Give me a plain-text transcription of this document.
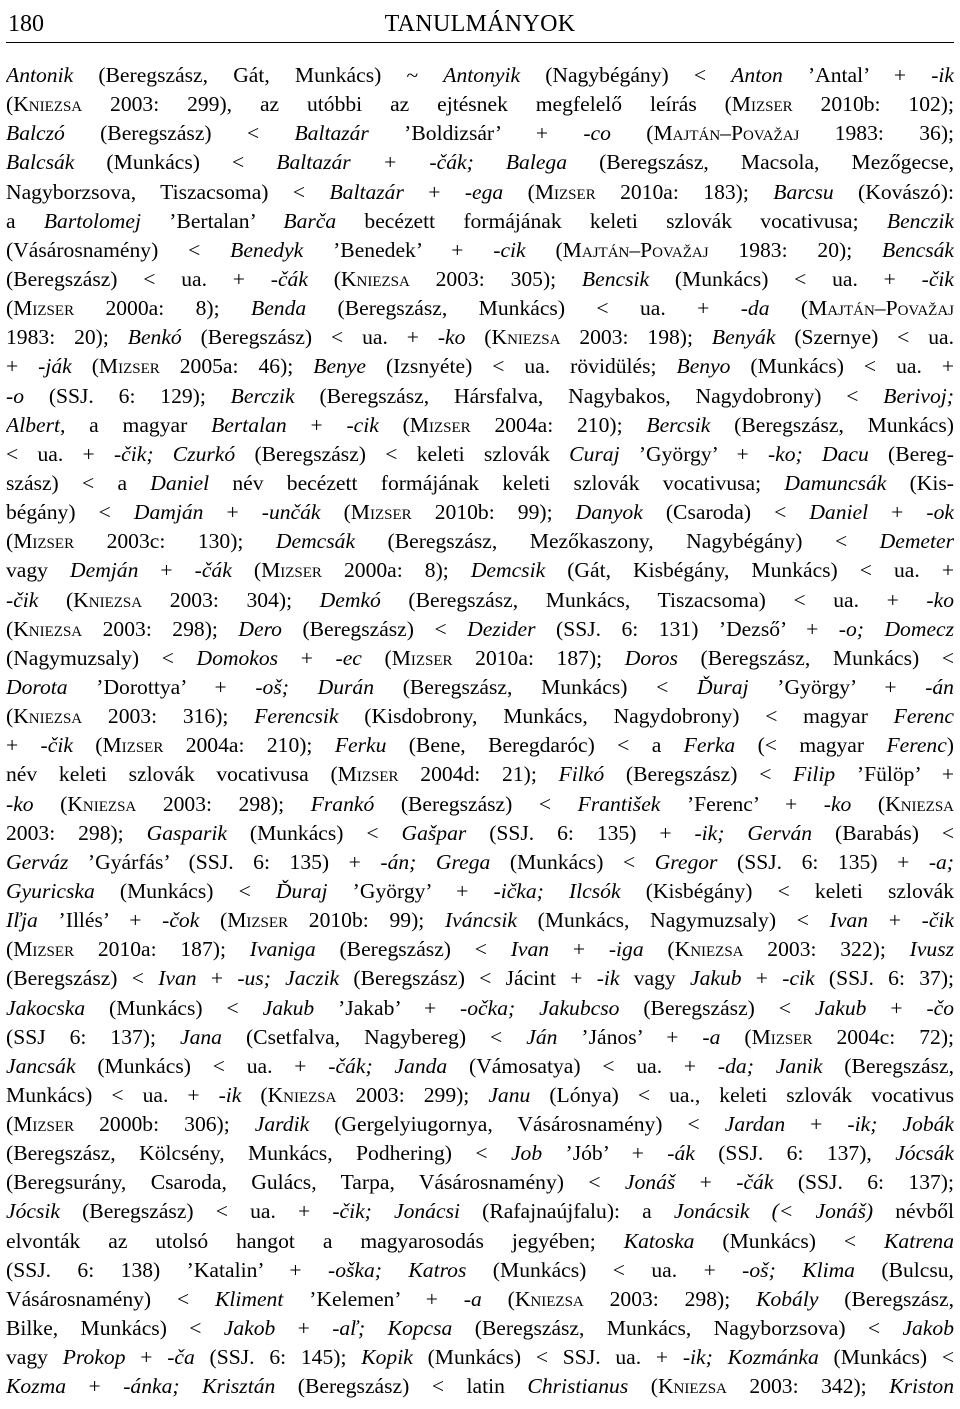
180	TANULMÁNYOK
Antonik (Beregszász, Gát, Munkács) ~ Antonyik (Nagybégány) < Anton ’Antal’ + -ik
(Kniezsa 2003: 299), az utóbbi az ejtésnek megfelelő leírás (Mizser 2010b: 102);
Balczó (Beregszász) < Baltazár ’Boldizsár’ + -co (Majtán–Považaj 1983: 36);
Balcsák (Munkács) < Baltazár + -čák; Balega (Beregszász, Macsola, Mezőgecse,
Nagyborzsova, Tiszacsoma) < Baltazár + -ega (Mizser 2010a: 183); Barcsu (Kovászó):
a Bartolomej ’Bertalan’ Barča becézett formájának keleti szlovák vocativusa; Benczik
(Vásárosnamény) < Benedyk ’Benedek’ + -cik (Majtán–Považaj 1983: 20); Bencsák
(Beregszász) < ua. + -čák (Kniezsa 2003: 305); Bencsik (Munkács) < ua. + -čik
(Mizser 2000a: 8); Benda (Beregszász, Munkács) < ua. + -da (Majtán–Považaj
1983: 20); Benkó (Beregszász) < ua. + -ko (Kniezsa 2003: 198); Benyák (Szernye) < ua.
+ -ják (Mizser 2005a: 46); Benye (Izsnyéte) < ua. rövidülés; Benyo (Munkács) < ua. +
-o (SSJ. 6: 129); Berczik (Beregszász, Hársfalva, Nagybakos, Nagydobrony) < Berivoj;
Albert, a magyar Bertalan + -cik (Mizser 2004a: 210); Bercsik (Beregszász, Munkács)
< ua. + -čik; Czurkó (Beregszász) < keleti szlovák Curaj ’György’ + -ko; Dacu (Bereg-
szász) < a Daniel név becézett formájának keleti szlovák vocativusa; Damuncsák (Kis-
bégány) < Damján + -unčák (Mizser 2010b: 99); Danyok (Csaroda) < Daniel + -ok
(Mizser 2003c: 130); Demcsák (Beregszász, Mezőkaszony, Nagybégány) < Demeter
vagy Demján + -čák (Mizser 2000a: 8); Demcsik (Gát, Kisbégány, Munkács) < ua. +
-čik (Kniezsa 2003: 304); Demkó (Beregszász, Munkács, Tiszacsoma) < ua. + -ko
(Kniezsa 2003: 298); Dero (Beregszász) < Dezider (SSJ. 6: 131) ’Dezső’ + -o; Domecz
(Nagymuzsaly) < Domokos + -ec (Mizser 2010a: 187); Doros (Beregszász, Munkács) <
Dorota ’Dorottya’ + -oš; Durán (Beregszász, Munkács) < Ďuraj ’György’ + -án
(Kniezsa 2003: 316); Ferencsik (Kisdobrony, Munkács, Nagydobrony) < magyar Ferenc
+ -čik (Mizser 2004a: 210); Ferku (Bene, Beregdaróc) < a Ferka (< magyar Ferenc)
név keleti szlovák vocativusa (Mizser 2004d: 21); Filkó (Beregszász) < Filip ’Fülöp’ +
-ko (Kniezsa 2003: 298); Frankó (Beregszász) < František ’Ferenc’ + -ko (Kniezsa
2003: 298); Gasparik (Munkács) < Gašpar (SSJ. 6: 135) + -ik; Gerván (Barabás) <
Gerváz ’Gyárfás’ (SSJ. 6: 135) + -án; Grega (Munkács) < Gregor (SSJ. 6: 135) + -a;
Gyuricska (Munkács) < Ďuraj ’György’ + -ička; Ilcsók (Kisbégány) < keleti szlovák
Iľja ’Illés’ + -čok (Mizser 2010b: 99); Iváncsik (Munkács, Nagymuzsaly) < Ivan + -čik
(Mizser 2010a: 187); Ivaniga (Beregszász) < Ivan + -iga (Kniezsa 2003: 322); Ivusz
(Beregszász) < Ivan + -us; Jaczik (Beregszász) < Jácint + -ik vagy Jakub + -cik (SSJ. 6: 37);
Jakocska (Munkács) < Jakub ’Jakab’ + -očka; Jakubcso (Beregszász) < Jakub + -čo
(SSJ 6: 137); Jana (Csetfalva, Nagybereg) < Ján ’János’ + -a (Mizser 2004c: 72);
Jancsák (Munkács) < ua. + -čák; Janda (Vámosatya) < ua. + -da; Janik (Beregszász,
Munkács) < ua. + -ik (Kniezsa 2003: 299); Janu (Lónya) < ua., keleti szlovák vocativus
(Mizser 2000b: 306); Jardik (Gergelyiugornya, Vásárosnamény) < Jardan + -ik; Jobák
(Beregszász, Kölcsény, Munkács, Podhering) < Job ’Jób’ + -ák (SSJ. 6: 137), Jócsák
(Beregsurány, Csaroda, Gulács, Tarpa, Vásárosnamény) < Jonáš + -čák (SSJ. 6: 137);
Jócsik (Beregszász) < ua. + -čik; Jonácsi (Rafajnaújfalu): a Jonácsik (< Jonáš) névből
elvonták az utolsó hangot a magyarosodás jegyében; Katoska (Munkács) < Katrena
(SSJ. 6: 138) ’Katalin’ + -oška; Katros (Munkács) < ua. + -oš; Klima (Bulcsu,
Vásárosnamény) < Kliment ’Kelemen’ + -a (Kniezsa 2003: 298); Kobály (Beregszász,
Bilke, Munkács) < Jakob + -aľ; Kopcsa (Beregszász, Munkács, Nagyborzsova) < Jakob
vagy Prokop + -ča (SSJ. 6: 145); Kopik (Munkács) < SSJ. ua. + -ik; Kozmánka (Munkács) <
Kozma + -ánka; Krisztán (Beregszász) < latin Christianus (Kniezsa 2003: 342); Kriston
